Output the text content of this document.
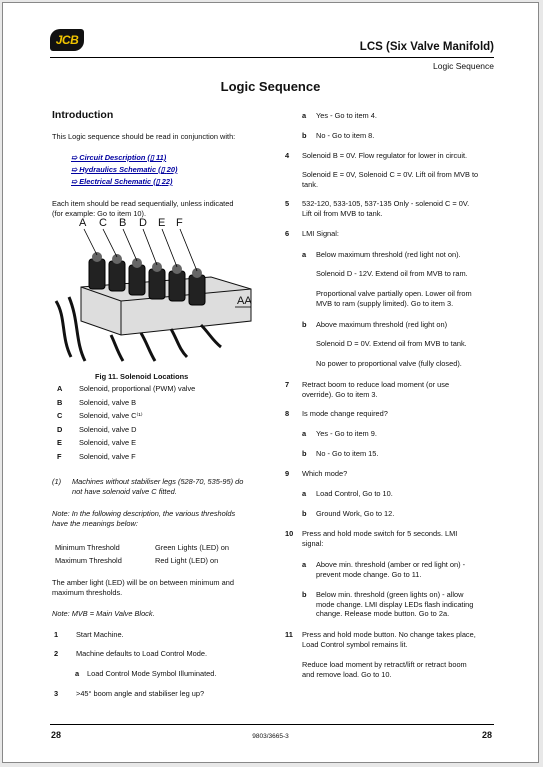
JCB	LCS (Six Valve Manifold)
Logic Sequence
Logic Sequence
Introduction
This Logic sequence should be read in conjunction with:
➯ Circuit Description (▯ 11)
➯ Hydraulics Schematic (▯ 20)
➯ Electrical Schematic (▯ 22)
Each item should be read sequentially, unless indicated
(for example: Go to item 10).
A C B D E F
AA
Fig 11. Solenoid Locations
A	Solenoid, proportional (PWM) valve
B	Solenoid, valve B
C	Solenoid, valve C⁽¹⁾
D	Solenoid, valve D
E	Solenoid, valve E
F	Solenoid, valve F
(1)	Machines without stabiliser legs (528-70, 535-95) do
not have solenoid valve C fitted.
Note: In the following description, the various thresholds
have the meanings below:
Minimum Threshold	Green Lights (LED) on
Maximum Threshold	Red Light (LED) on
The amber light (LED) will be on between minimum and
maximum thresholds.
Note: MVB = Main Valve Block.
1 Start Machine.
2 Machine defaults to Load Control Mode.
a Load Control Mode Symbol Illuminated.
3 >45° boom angle and stabiliser leg up?
a Yes - Go to item 4.
b No - Go to item 8.
4 Solenoid B = 0V. Flow regulator for lower in circuit.
Solenoid E = 0V, Solenoid C = 0V. Lift oil from MVB to
tank.
5	532-120, 533-105, 537-135 Only - solenoid C = 0V.
Lift oil from MVB to tank.
6 LMI Signal:
a Below maximum threshold (red light not on).
Solenoid D - 12V. Extend oil from MVB to ram.
Proportional valve partially open. Lower oil from
MVB to ram (supply limited). Go to item 3.
b Above maximum threshold (red light on)
Solenoid D = 0V. Extend oil from MVB to tank.
No power to proportional valve (fully closed).
7	Retract boom to reduce load moment (or use
override). Go to item 3.
8 Is mode change required?
a Yes - Go to item 9.
b No - Go to item 15.
9 Which mode?
a Load Control, Go to 10.
b Ground Work, Go to 12.
10	Press and hold mode switch for 5 seconds. LMI
signal:
a	Above min. threshold (amber or red light on) -
prevent mode change. Go to 11.
b	Below min. threshold (green lights on) - allow
mode change. LMI display LEDs flash indicating
change. Release mode button. Go to 2a.
11	Press and hold mode button. No change takes place,
Load Control symbol remains lit.
Reduce load moment by retract/lift or retract boom
and remove load. Go to 10.
28	9803/3665-3	28
